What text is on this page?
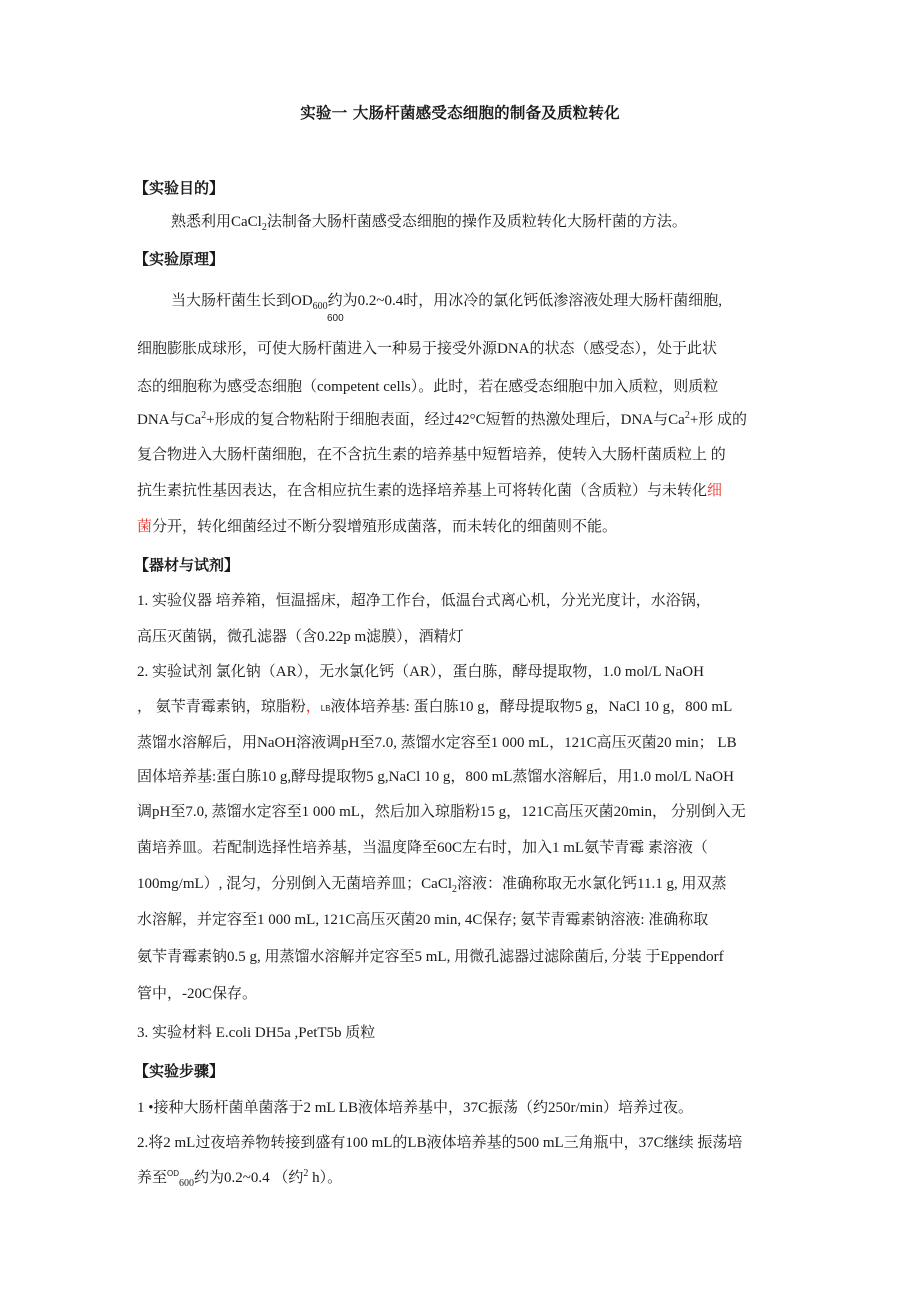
实验一 大肠杆菌感受态细胞的制备及质粒转化
【实验目的】
熟悉利用CaCl$_2$法制备大肠杆菌感受态细胞的操作及质粒转化大肠杆菌的方法。
【实验原理】
当大肠杆菌生长到$OD_{600}$约为0.2~0.4时，用冰冷的氯化钙低渗溶液处理大肠杆菌细胞,
600
细胞膨胀成球形，可使大肠杆菌进入一种易于接受外源DNA的状态（感受态），处于此状
态的细胞称为感受态细胞（competent cells）。此时，若在感受态细胞中加入质粒，则质粒
DNA与$Ca^2+$形成的复合物粘附于细胞表面，经过42°C短暂的热激处理后，DNA与$Ca^2+$形 成的
复合物进入大肠杆菌细胞，在不含抗生素的培养基中短暂培养，使转入大肠杆菌质粒上 的
抗生素抗性基因表达，在含相应抗生素的选择培养基上可将转化菌（含质粒）与未转化细
菌分开，转化细菌经过不断分裂增殖形成菌落，而未转化的细菌则不能。
【器材与试剂】
1. 实验仪器 培养箱，恒温摇床，超净工作台，低温台式离心机，分光光度计，水浴锅，
高压灭菌锅，微孔滤器（含0.22p m滤膜），酒精灯
2. 实验试剂 氯化钠（AR），无水氯化钙（AR），蛋白胨，酵母提取物，1.0 mol/L NaOH
， 氨苄青霉素钠，琼脂粉，LB液体培养基: 蛋白胨10 g，酵母提取物5 g，NaCl 10 g，800 mL
蒸馏水溶解后，用NaOH溶液调pH至7.0, 蒸馏水定容至1 000 mL，121C高压灭菌20 min； LB
固体培养基:蛋白胨10 g,酵母提取物5 g,NaCl 10 g，800 mL蒸馏水溶解后，用1.0 mol/L NaOH
调pH至7.0, 蒸馏水定容至1 000 mL，然后加入琼脂粉15 g，121C高压灭菌20min， 分别倒入无
菌培养皿。若配制选择性培养基，当温度降至60C左右时，加入1 mL氨苄青霉 素溶液（
100mg/mL）, 混匀，分别倒入无菌培养皿；CaCl$_2$溶液：准确称取无水氯化钙11.1 g, 用双蒸
水溶解，并定容至1 000 mL, 121C高压灭菌20 min, 4C保存; 氨苄青霉素钠溶液: 准确称取
氨苄青霉素钠0.5 g, 用蒸馏水溶解并定容至5 mL, 用微孔滤器过滤除菌后, 分装 于Eppendorf
管中，-20C保存。
3. 实验材料 E.coli DH5a ,PetT5b 质粒
【实验步骤】
1 •接种大肠杆菌单菌落于2 mL LB液体培养基中，37C振荡（约250r/min）培养过夜。
2.将2 mL过夜培养物转接到盛有100 mL的LB液体培养基的500 mL三角瓶中，37C继续 振荡培
养至$^{OD}_{600}$约为0.2~0.4 （约$^2$ h）。
